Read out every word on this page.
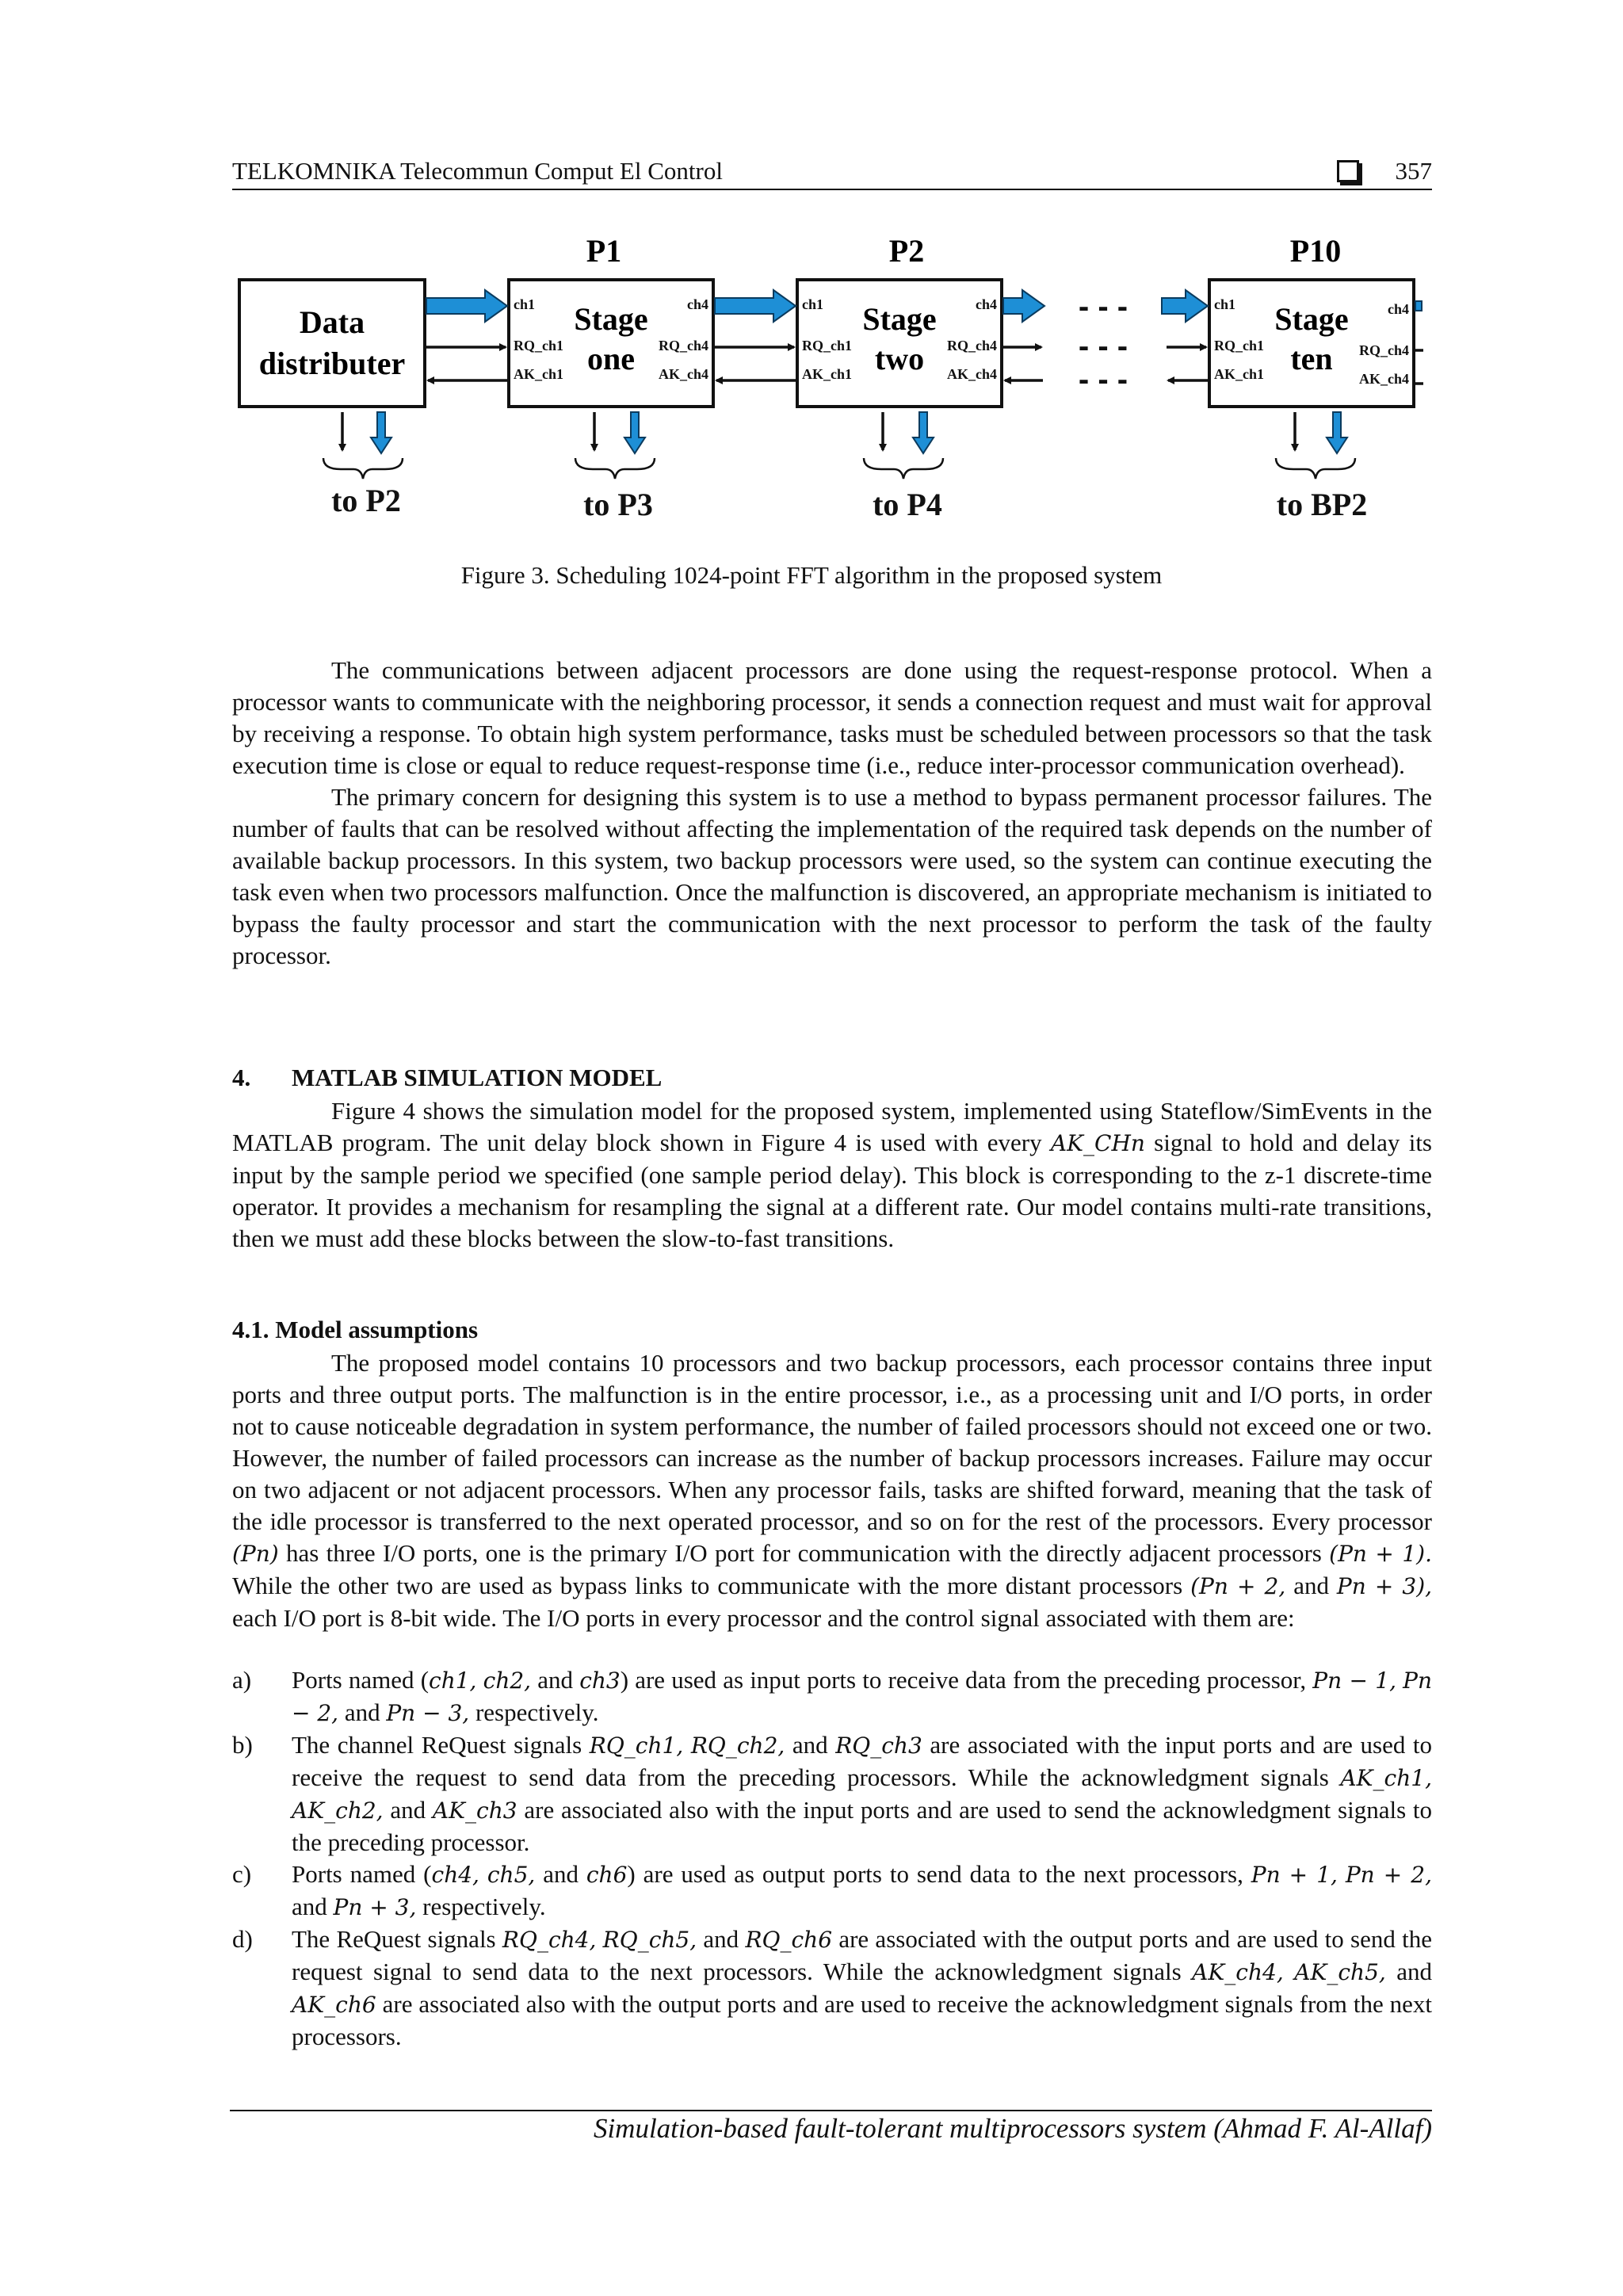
TELKOMNIKA Telecommun Comput El Control	357
P1	P2	P10
Data
distributer
Stage
one
Stage
two
Stage
ten
ch1
RQ_ch1
AK_ch1
ch4
RQ_ch4
AK_ch4
ch1
RQ_ch1
AK_ch1
ch4
RQ_ch4
AK_ch4
ch1
RQ_ch1
AK_ch1
ch4
RQ_ch4
AK_ch4
- - -
- - -
- - -
to P2	to P3	to P4	to BP2
Figure 3. Scheduling 1024-point FFT algorithm in the proposed system

The communications between adjacent processors are done using the request-response protocol. When a processor wants to communicate with the neighboring processor, it sends a connection request and must wait for approval by receiving a response. To obtain high system performance, tasks must be scheduled between processors so that the task execution time is close or equal to reduce request-response time (i.e., reduce inter-processor communication overhead).

The primary concern for designing this system is to use a method to bypass permanent processor failures. The number of faults that can be resolved without affecting the implementation of the required task depends on the number of available backup processors. In this system, two backup processors were used, so the system can continue executing the task even when two processors malfunction. Once the malfunction is discovered, an appropriate mechanism is initiated to bypass the faulty processor and start the communication with the next processor to perform the task of the faulty processor.

4. MATLAB SIMULATION MODEL

Figure 4 shows the simulation model for the proposed system, implemented using Stateflow/SimEvents in the MATLAB program. The unit delay block shown in Figure 4 is used with every AK_CHn signal to hold and delay its input by the sample period we specified (one sample period delay). This block is corresponding to the z-1 discrete-time operator. It provides a mechanism for resampling the signal at a different rate. Our model contains multi-rate transitions, then we must add these blocks between the slow-to-fast transitions.

4.1. Model assumptions

The proposed model contains 10 processors and two backup processors, each processor contains three input ports and three output ports. The malfunction is in the entire processor, i.e., as a processing unit and I/O ports, in order not to cause noticeable degradation in system performance, the number of failed processors should not exceed one or two. However, the number of failed processors can increase as the number of backup processors increases. Failure may occur on two adjacent or not adjacent processors. When any processor fails, tasks are shifted forward, meaning that the task of the idle processor is transferred to the next operated processor, and so on for the rest of the processors. Every processor (Pn) has three I/O ports, one is the primary I/O port for communication with the directly adjacent processors (Pn + 1). While the other two are used as bypass links to communicate with the more distant processors (Pn + 2, and Pn + 3), each I/O port is 8-bit wide. The I/O ports in every processor and the control signal associated with them are:

a) Ports named (ch1, ch2, and ch3) are used as input ports to receive data from the preceding processor, Pn − 1, Pn − 2, and Pn − 3, respectively.
b) The channel ReQuest signals RQ_ch1, RQ_ch2, and RQ_ch3 are associated with the input ports and are used to receive the request to send data from the preceding processors. While the acknowledgment signals AK_ch1, AK_ch2, and AK_ch3 are associated also with the input ports and are used to send the acknowledgment signals to the preceding processor.
c) Ports named (ch4, ch5, and ch6) are used as output ports to send data to the next processors, Pn + 1, Pn + 2, and Pn + 3, respectively.
d) The ReQuest signals RQ_ch4, RQ_ch5, and RQ_ch6 are associated with the output ports and are used to send the request signal to send data to the next processors. While the acknowledgment signals AK_ch4, AK_ch5, and AK_ch6 are associated also with the output ports and are used to receive the acknowledgment signals from the next processors.
Simulation-based fault-tolerant multiprocessors system (Ahmad F. Al-Allaf)
